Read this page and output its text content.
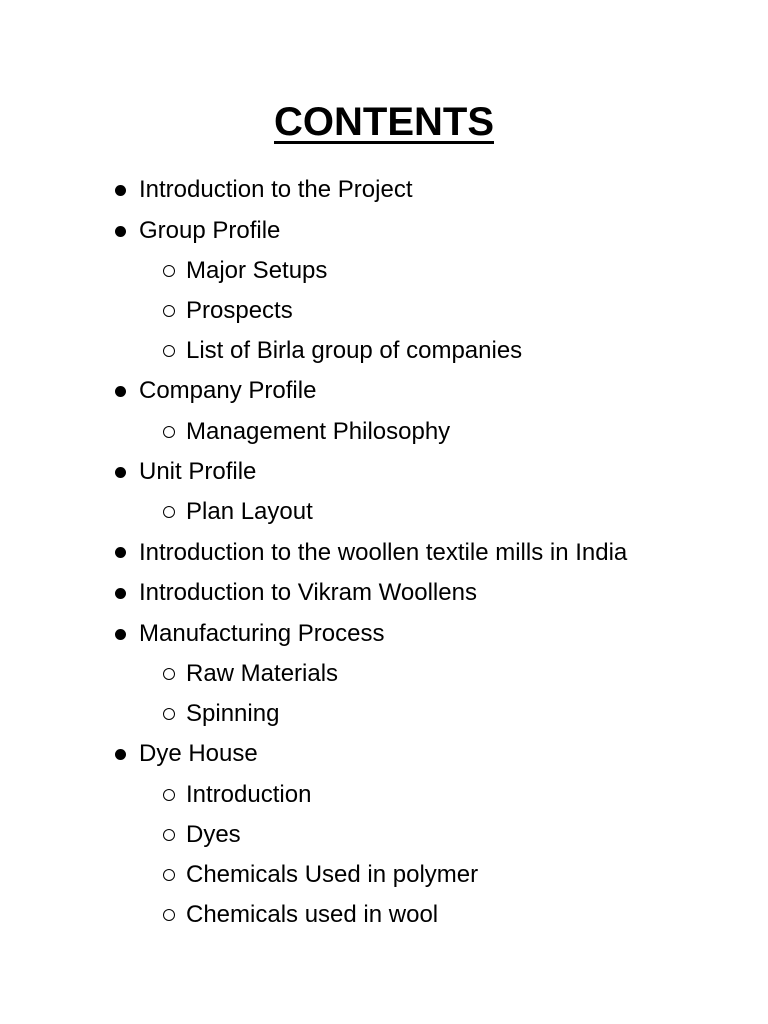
CONTENTS
Introduction to the Project
Group Profile
Major Setups
Prospects
List of Birla group of companies
Company Profile
Management Philosophy
Unit Profile
Plan Layout
Introduction to the woollen textile mills in India
Introduction to Vikram Woollens
Manufacturing Process
Raw Materials
Spinning
Dye House
Introduction
Dyes
Chemicals Used in polymer
Chemicals used in wool
